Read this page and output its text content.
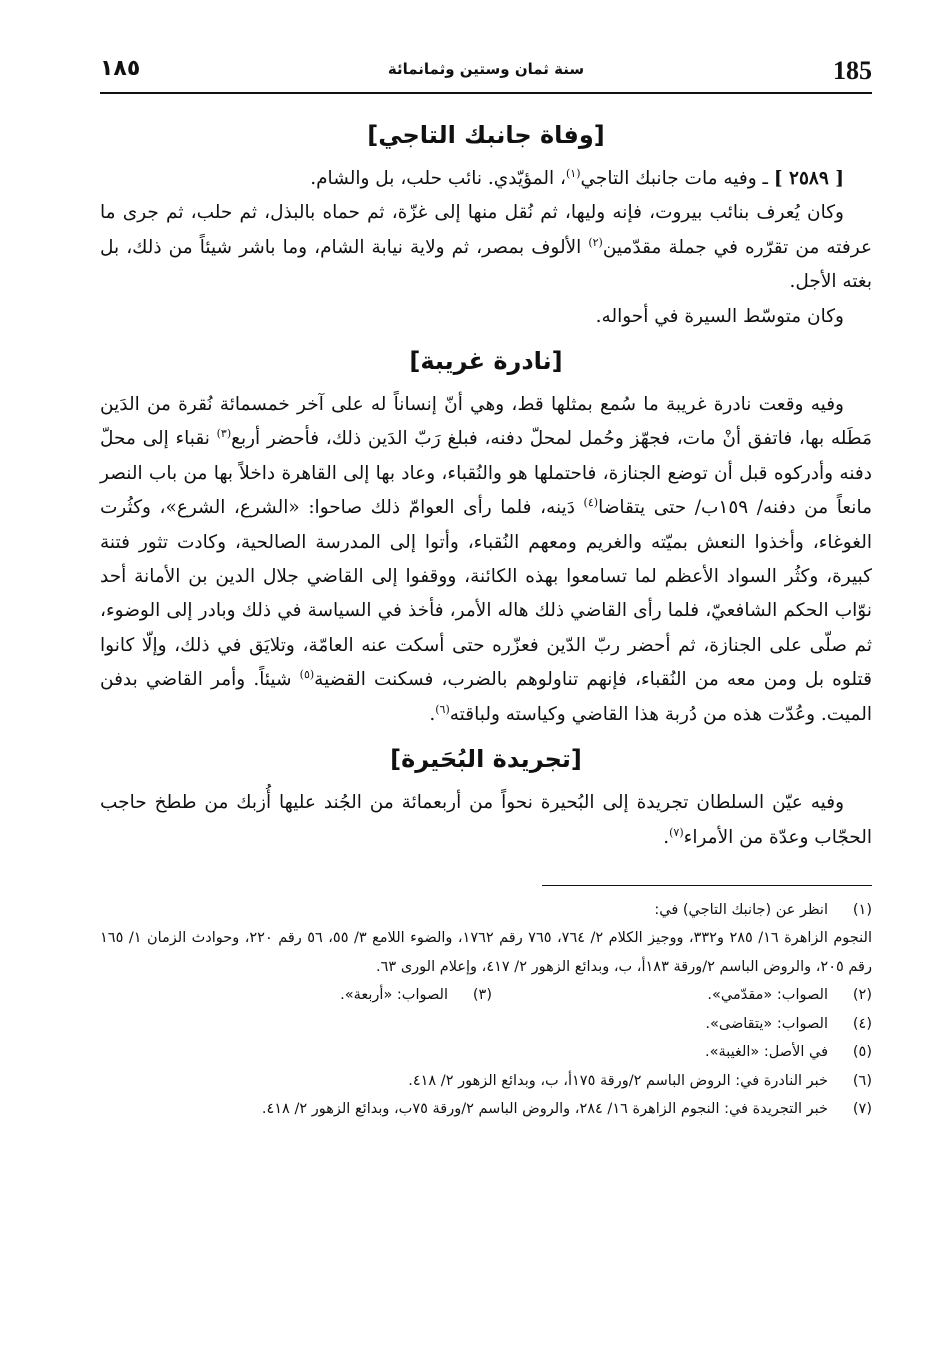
185
سنة ثمان وستين وثمانمائة
١٨٥
[وفاة جانبك التاجي]

[ ٢٥٨٩ ] ـ وفيه مات جانبك التاجي$^{(١)}$، المؤيّدي. نائب حلب، بل والشام.

وكان يُعرف بنائب بيروت، فإنه وليها، ثم نُقل منها إلى غزّة، ثم حماه بالبذل، ثم حلب، ثم جرى ما عرفته من تقرّره في جملة مقدّمين$^{(٢)}$ الألوف بمصر، ثم ولاية نيابة الشام، وما باشر شيئاً من ذلك، بل بغته الأجل.

وكان متوسّط السيرة في أحواله.

[نادرة غريبة]

وفيه وقعت نادرة غريبة ما سُمع بمثلها قط، وهي أنّ إنساناً له على آخر خمسمائة نُقرة من الدَين مَطَله بها، فاتفق أنْ مات، فجهّز وحُمل لمحلّ دفنه، فبلغ رَبّ الدَين ذلك، فأحضر أربع$^{(٣)}$ نقباء إلى محلّ دفنه وأدركوه قبل أن توضع الجنازة، فاحتملها هو والنُقباء، وعاد بها إلى القاهرة داخلاً بها من باب النصر مانعاً من دفنه/ ١٥٩ب/ حتى يتقاضا$^{(٤)}$ دَينه، فلما رأى العوامّ ذلك صاحوا: «الشرع، الشرع»، وكثُرت الغوغاء، وأخذوا النعش بميّته والغريم ومعهم النُقباء، وأتوا إلى المدرسة الصالحية، وكادت تثور فتنة كبيرة، وكثُر السواد الأعظم لما تسامعوا بهذه الكائنة، ووقفوا إلى القاضي جلال الدين بن الأمانة أحد نوّاب الحكم الشافعيّ، فلما رأى القاضي ذلك هاله الأمر، فأخذ في السياسة في ذلك وبادر إلى الوضوء، ثم صلّى على الجنازة، ثم أحضر ربّ الدّين فعزّره حتى أسكت عنه العامّة، وتلايَق في ذلك، وإلّا كانوا قتلوه بل ومن معه من النُقباء، فإنهم تناولوهم بالضرب، فسكنت القضية$^{(٥)}$ شيئاً. وأمر القاضي بدفن الميت. وعُدّت هذه من دُربة هذا القاضي وكياسته ولباقته$^{(٦)}$.

[تجريدة البُحَيرة]

وفيه عيّن السلطان تجريدة إلى البُحيرة نحواً من أربعمائة من الجُند عليها أُزبك من ططخ حاجب الحجّاب وعدّة من الأمراء$^{(٧)}$.

(١)
انظر عن (جانبك التاجي) في:
النجوم الزاهرة ١٦/ ٢٨٥ و٣٣٢، ووجيز الكلام ٢/ ٧٦٤، ٧٦٥ رقم ١٧٦٢، والضوء اللامع ٣/ ٥٥، ٥٦ رقم ٢٢٠، وحوادث الزمان ١/ ١٦٥ رقم ٢٠٥، والروض الباسم ٢/ورقة ١٨٣أ، ب، وبدائع الزهور ٢/ ٤١٧، وإعلام الورى ٦٣.
(٢)
الصواب: «مقدّمي».
(٣)
الصواب: «أربعة».
(٤)
الصواب: «يتقاضى».
(٥)
في الأصل: «الغيبة».
(٦)
خبر النادرة في: الروض الباسم ٢/ورقة ١٧٥أ، ب، وبدائع الزهور ٢/ ٤١٨.
(٧)
خبر التجريدة في: النجوم الزاهرة ١٦/ ٢٨٤، والروض الباسم ٢/ورقة ٧٥ب، وبدائع الزهور ٢/ ٤١٨.
